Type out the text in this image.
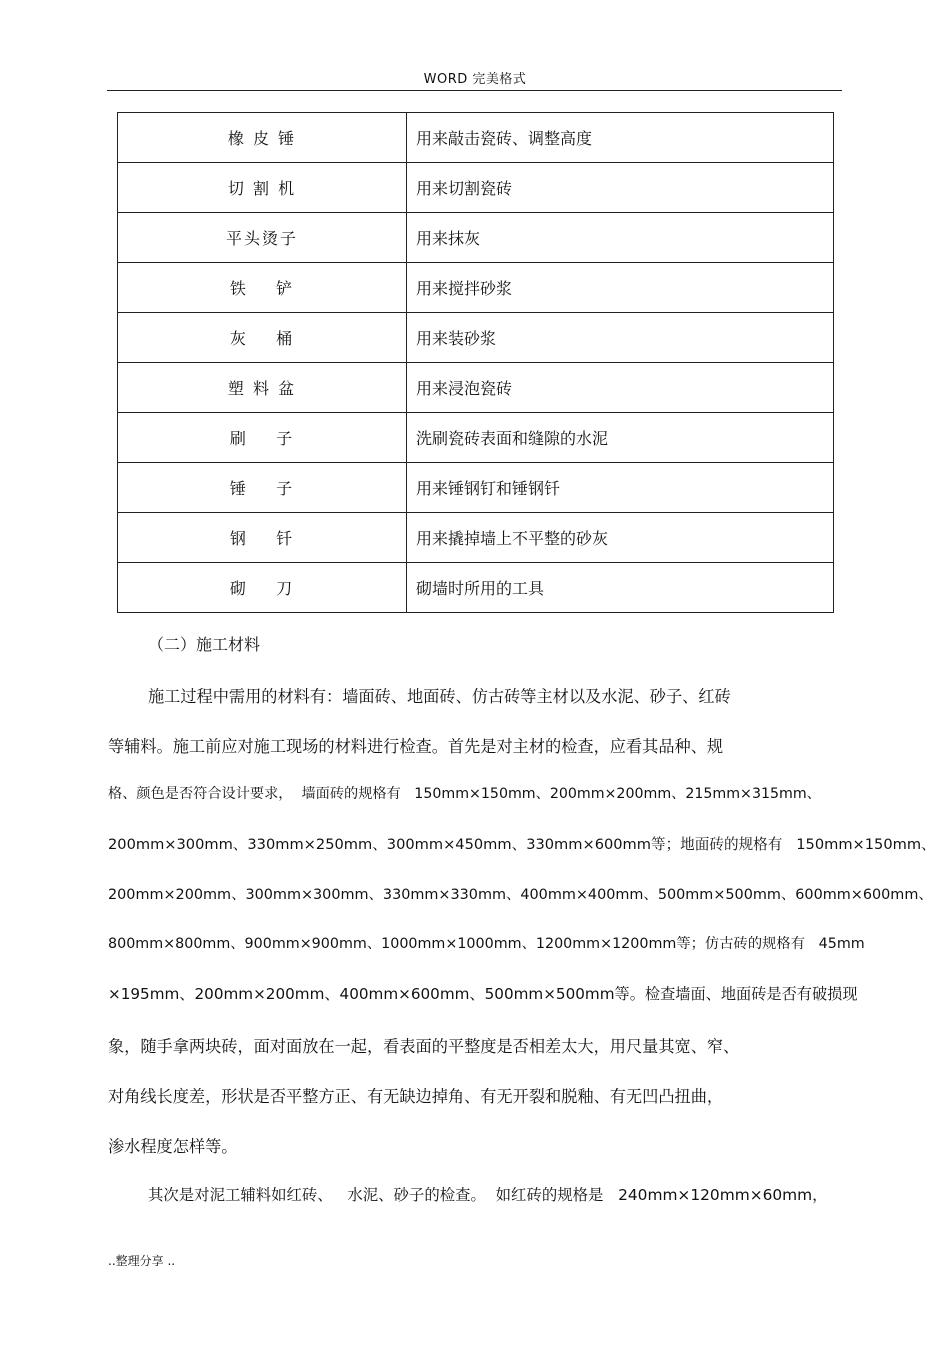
WORD 完美格式
橡 皮 锤	用来敲击瓷砖、调整高度
切 割 机	用来切割瓷砖
平头烫子	用来抹灰
铁    铲	用来搅拌砂浆
灰    桶	用来装砂浆
塑 料 盆	用来浸泡瓷砖
刷    子	洗刷瓷砖表面和缝隙的水泥
锤    子	用来锤钢钉和锤钢钎
钢    钎	用来撬掉墙上不平整的砂灰
砌    刀	砌墙时所用的工具
（二）施工材料
施工过程中需用的材料有：墙面砖、地面砖、仿古砖等主材以及水泥、砂子、红砖
等辅料。施工前应对施工现场的材料进行检查。首先是对主材的检查，应看其品种、规
格、颜色是否符合设计要求，  墙面砖的规格有   150mm×150mm、200mm×200mm、215mm×315mm、
200mm×300mm、330mm×250mm、300mm×450mm、330mm×600mm等；地面砖的规格有   150mm×150mm、
200mm×200mm、300mm×300mm、330mm×330mm、400mm×400mm、500mm×500mm、600mm×600mm、
800mm×800mm、900mm×900mm、1000mm×1000mm、1200mm×1200mm等；仿古砖的规格有   45mm
×195mm、200mm×200mm、400mm×600mm、500mm×500mm等。检查墙面、地面砖是否有破损现
象，随手拿两块砖，面对面放在一起，看表面的平整度是否相差太大，用尺量其宽、窄、
对角线长度差，形状是否平整方正、有无缺边掉角、有无开裂和脱釉、有无凹凸扭曲，
渗水程度怎样等。
其次是对泥工辅料如红砖、   水泥、砂子的检查。  如红砖的规格是   240mm×120mm×60mm，
..整理分享 ..
